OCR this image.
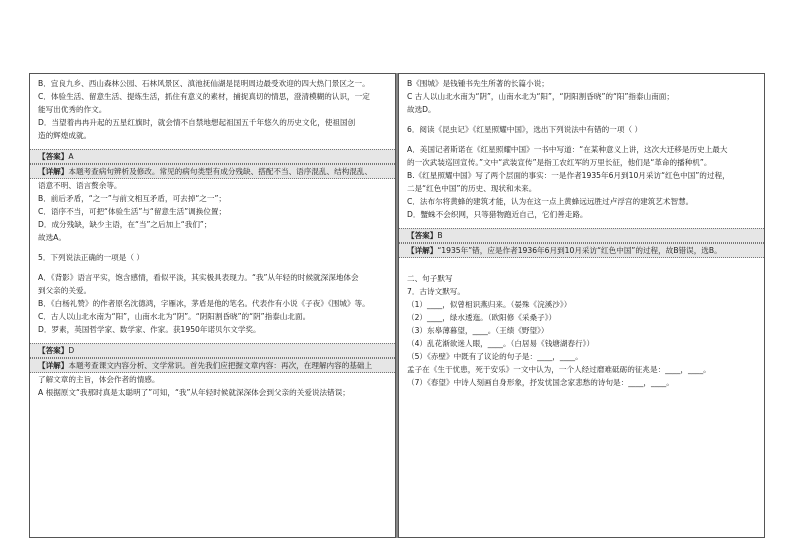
B．宜良九乡、西山森林公园、石林风景区、滇池抚仙湖是昆明周边最受欢迎的四大热门景区之一。
C．体验生活、留意生活、提炼生活，抓住有意义的素材，捕捉真切的情思，澄清模糊的认识，一定
能写出优秀的作文。
D．当望着冉冉升起的五星红旗时，就会情不自禁地想起祖国五千年悠久的历史文化，使祖国创
造的辉煌成就。
【答案】A
【详解】本题考查病句辨析及修改。常见的病句类型有成分残缺、搭配不当、语序混乱、结构混乱、
语意不明、语言赘余等。
B．前后矛盾，“之一”与前文相互矛盾，可去掉“之一”；
C．语序不当，可把“体验生活”与“留意生活”调换位置；
D．成分残缺，缺少主语，在“当”之后加上“我们”；
故选A。
5．下列说法正确的一项是（ ）
A．《背影》语言平实，饱含感情，看似平淡，其实极具表现力。“我”从年轻的时候就深深地体会
到父亲的关爱。
B．《白杨礼赞》的作者原名沈德鸿，字雁冰，茅盾是他的笔名。代表作有小说《子夜》《围城》等。
C．古人以山北水南为“阳”，山南水北为“阴”。“阴阳割昏晓”的“阴”指泰山北面。
D．罗素，英国哲学家、数学家、作家。获1950年诺贝尔文学奖。
【答案】D
【详解】本题考查课文内容分析、文学常识。首先我们应把握文章内容：再次，在理解内容的基础上
了解文章的主旨，体会作者的情感。
A 根据原文“我那时真是太聪明了”可知，“我”从年轻时候就深深体会到父亲的关爱说法错误；
B《围城》是钱锺书先生所著的长篇小说；
C 古人以山北水南为“阴”，山南水北为“阳”，“阴阳割昏晓”的“阳”指泰山南面；
故选D。
6．阅读《昆虫记》《红星照耀中国》，选出下列说法中有错的一项（ ）
A．美国记者斯诺在《红星照耀中国》一书中写道：“在某种意义上讲，这次大迁移是历史上最大
的一次武装巡回宣传。”文中“武装宣传”是指工农红军的万里长征，他们是“革命的播种机”。
B.《红星照耀中国》写了两个层面的事实：一是作者1935年6月到10月采访“红色中国”的过程，
二是“红色中国”的历史、现状和未来。
C．法布尔将黄蜂的建筑才能，认为在这一点上黄蜂远远胜过卢浮宫的建筑艺术智慧。
D．蟹蛛不会织网，只等猎物跑近自己，它们善走路。
【答案】B
【详解】“1935年”错，应是作者1936年6月到10月采访“红色中国”的过程，故B错误，选B。
二、句子默写
7．古诗文默写。
（1）____，似曾相识燕归来。（晏殊《浣溪沙》）
（2）____，绿水逶迤。（欧阳修《采桑子》）
（3）东皋薄暮望，____。（王绩《野望》）
（4）乱花渐欲迷人眼，____。（白居易《钱塘湖春行》）
（5）《赤壁》中既有了议论的句子是：____，____。
孟子在《生于忧患，死于安乐》一文中认为，一个人经过磨难砥砺的征兆是：____，____。
（7）《春望》中诗人刻画自身形象，抒发忧国念家悲愁的诗句是：____，____。
